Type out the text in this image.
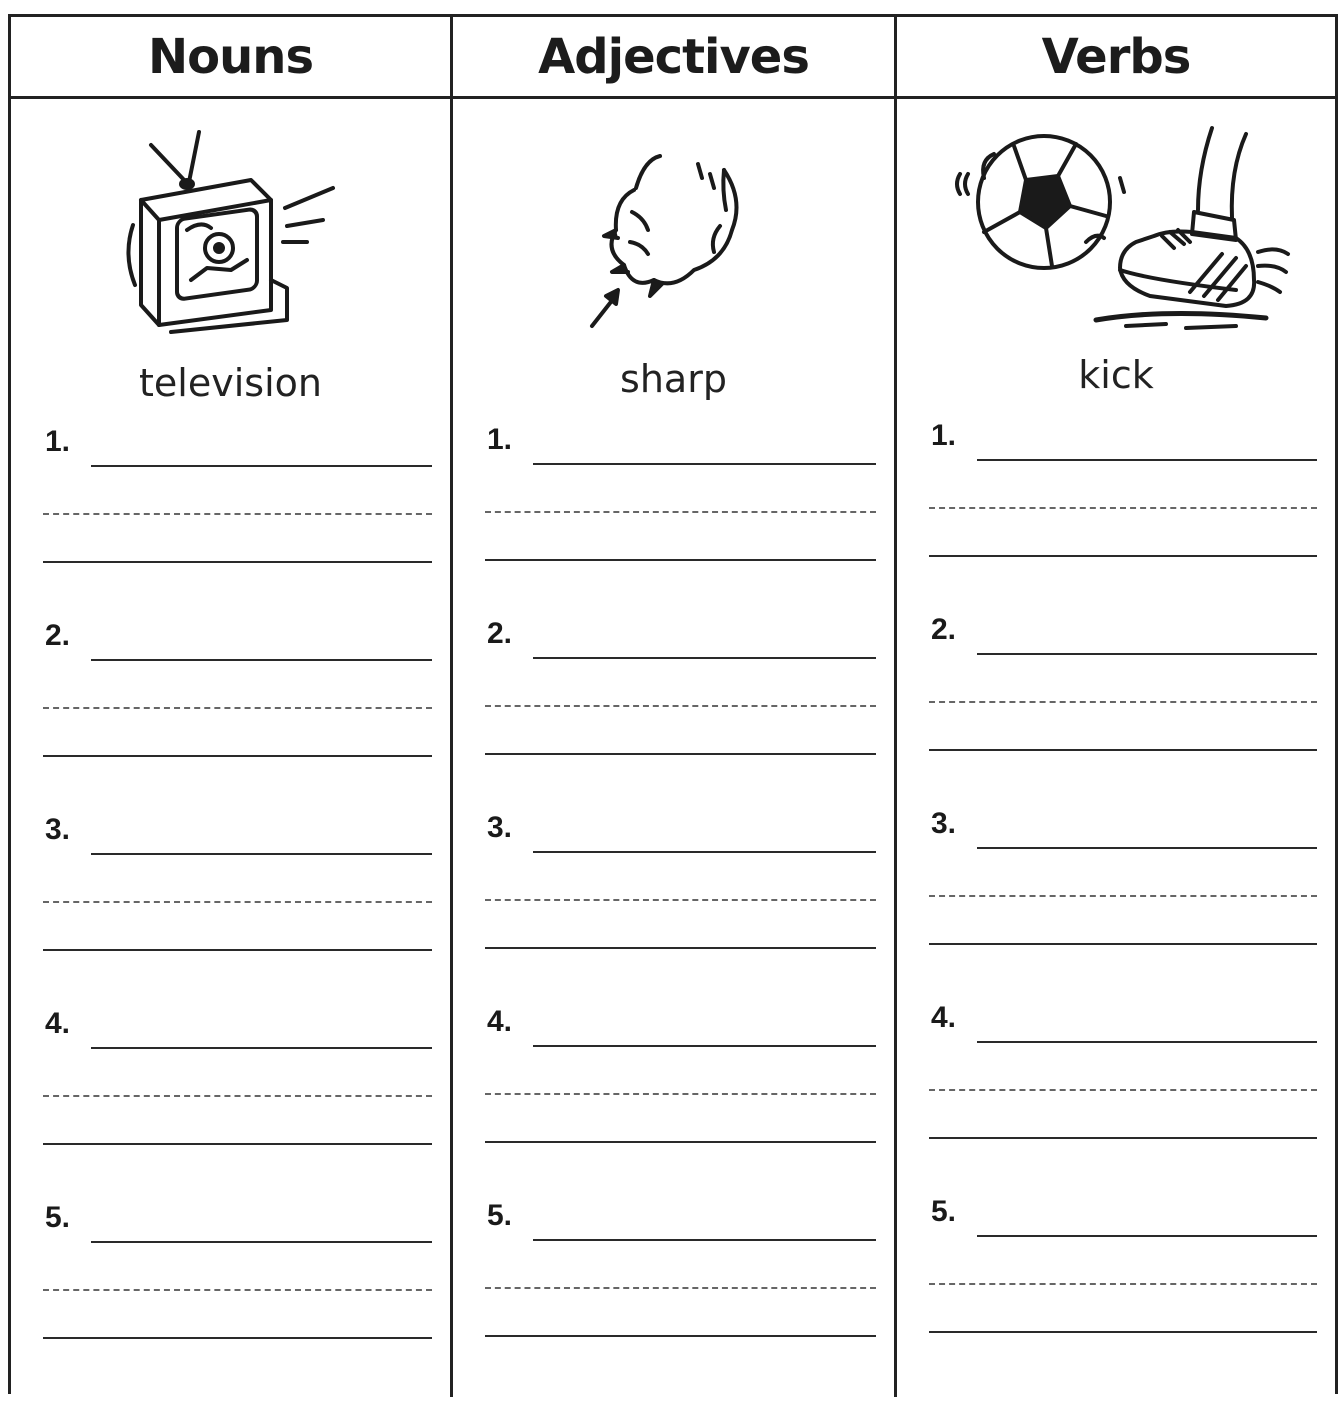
Nouns
television
1.
2.
3.
4.
5.
Adjectives
sharp
1.
2.
3.
4.
5.
Verbs
kick
1.
2.
3.
4.
5.
